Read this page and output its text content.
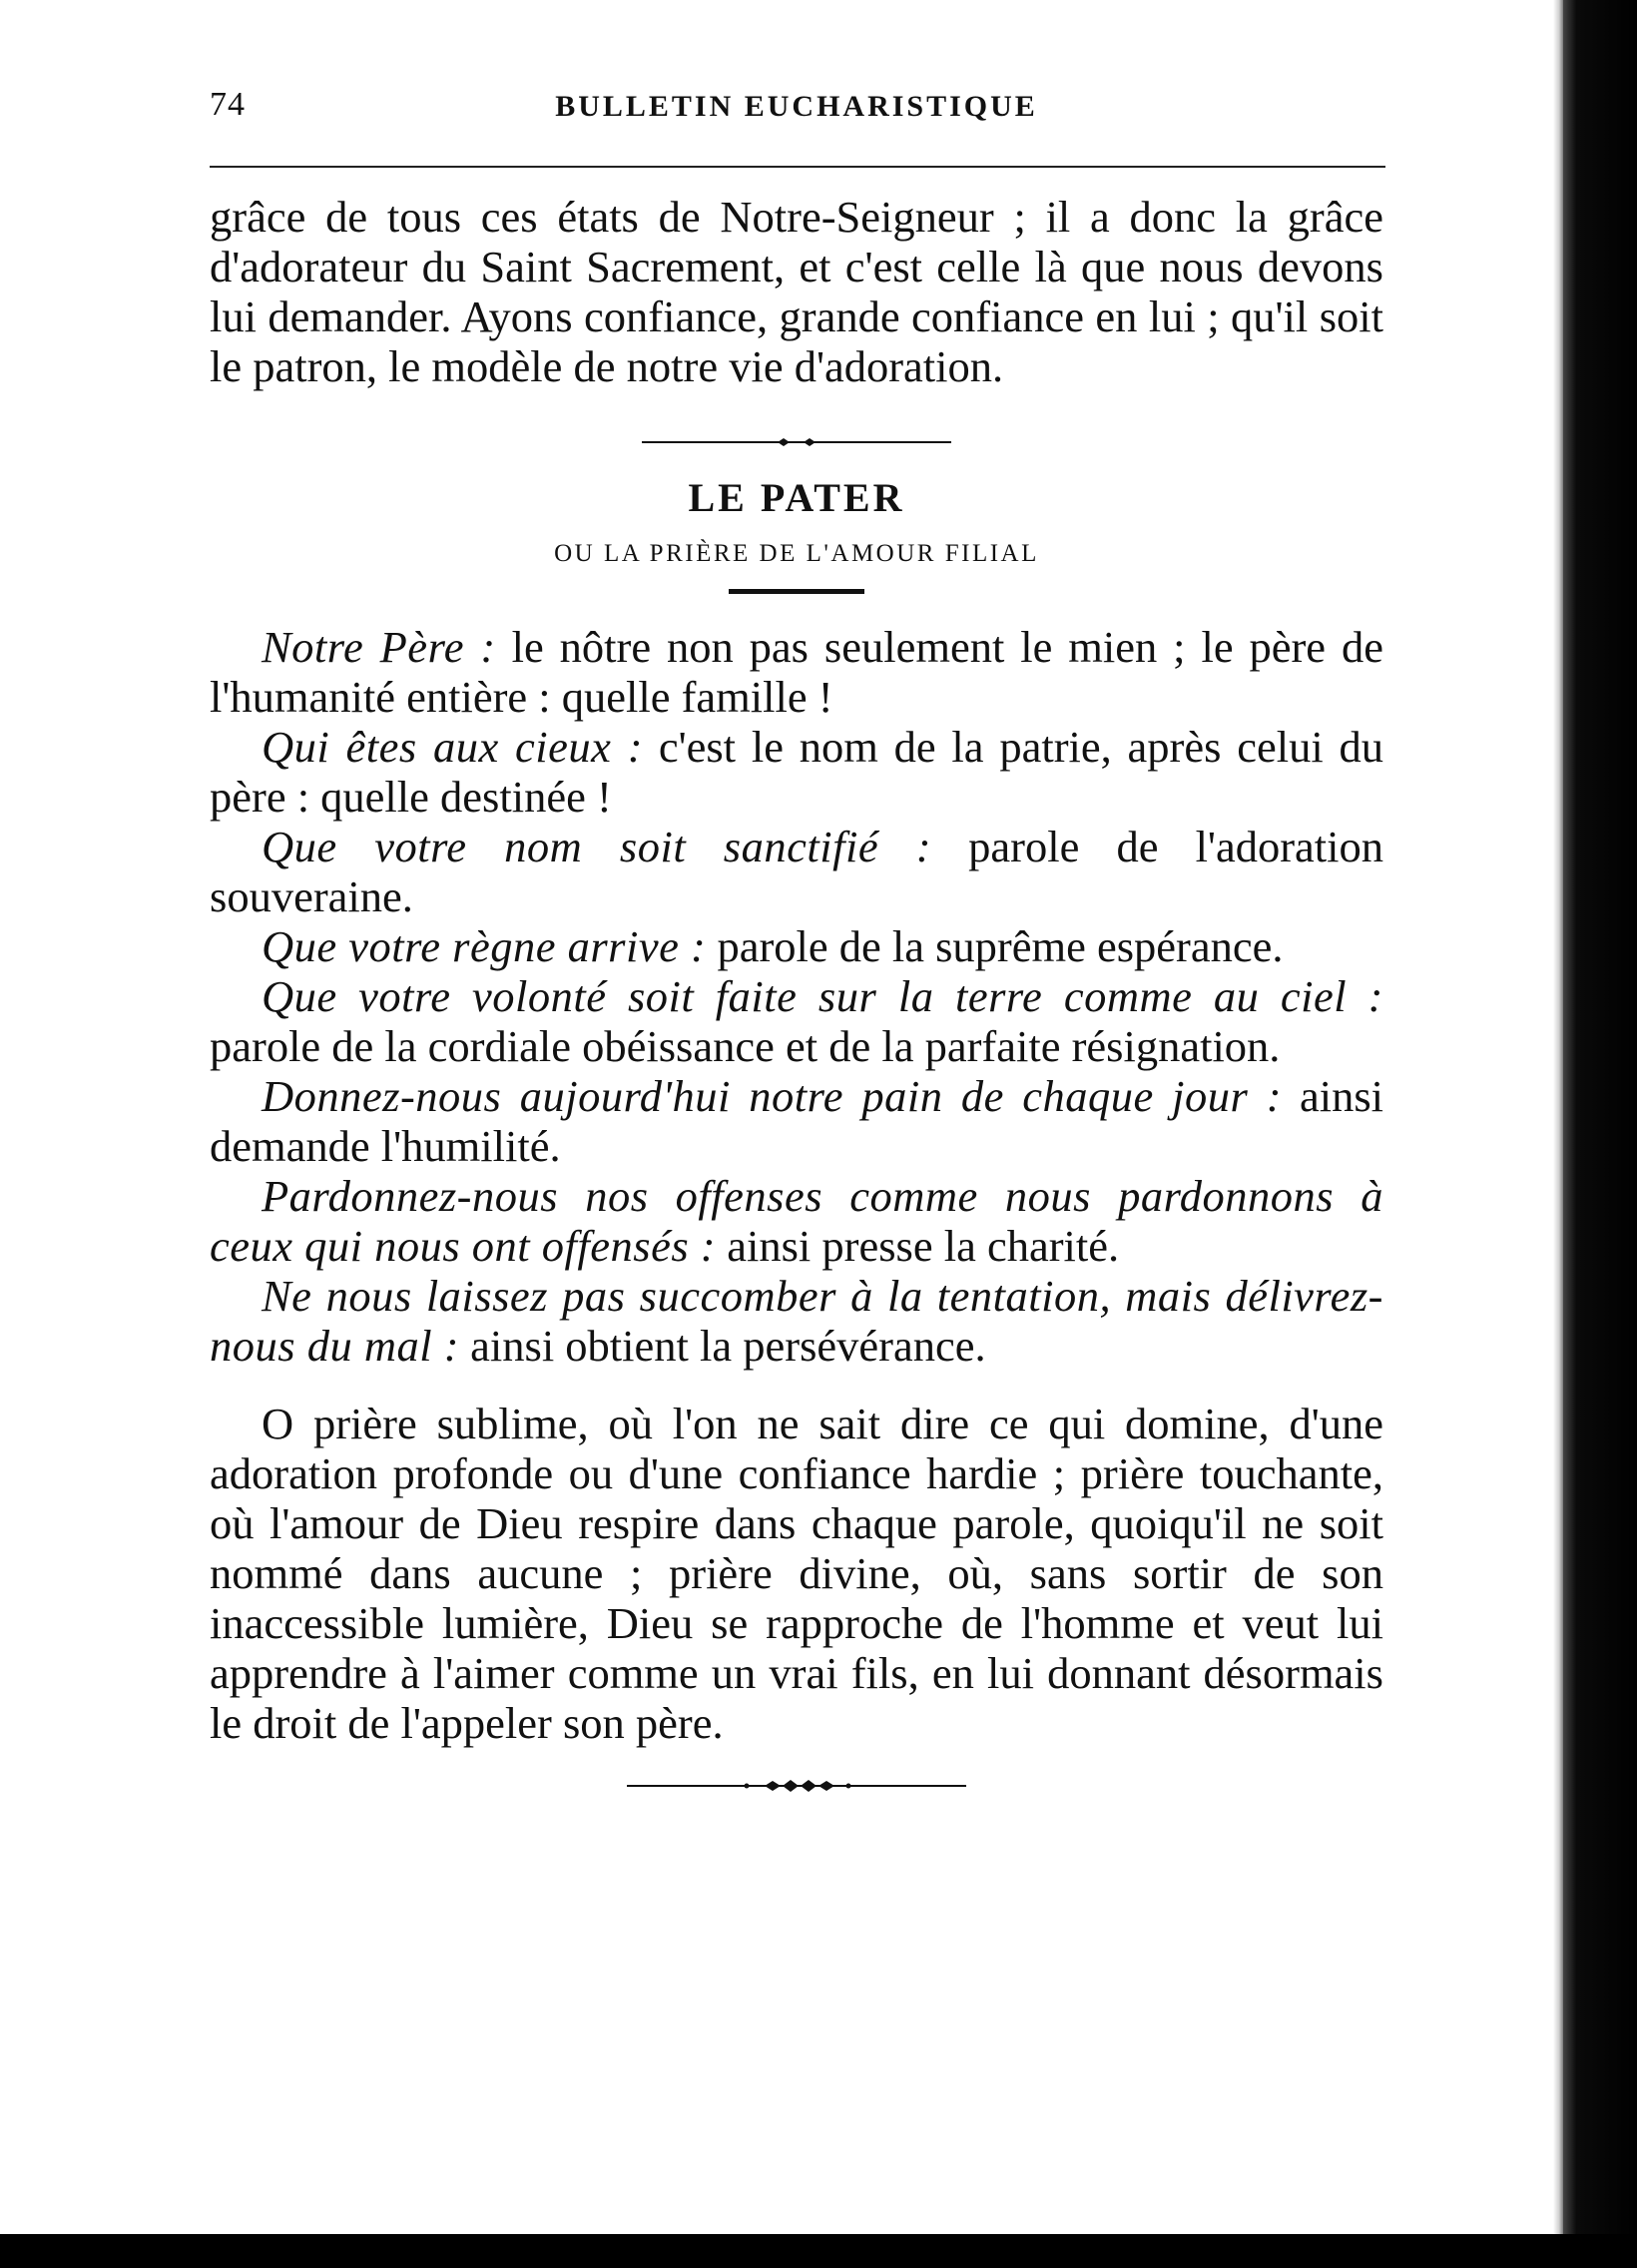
74	BULLETIN EUCHARISTIQUE

grâce de tous ces états de Notre-Seigneur ; il a donc la grâce d'adorateur du Saint Sacrement, et c'est celle là que nous devons lui demander. Ayons confiance, grande confiance en lui ; qu'il soit le patron, le modèle de notre vie d'adoration.

LE PATER
OU LA PRIÈRE DE L'AMOUR FILIAL

Notre Père : le nôtre non pas seulement le mien ; le père de l'humanité entière : quelle famille !

Qui êtes aux cieux : c'est le nom de la patrie, après celui du père : quelle destinée !

Que votre nom soit sanctifié : parole de l'adoration souveraine.

Que votre règne arrive : parole de la suprême espérance.

Que votre volonté soit faite sur la terre comme au ciel : parole de la cordiale obéissance et de la parfaite résignation.

Donnez-nous aujourd'hui notre pain de chaque jour : ainsi demande l'humilité.

Pardonnez-nous nos offenses comme nous pardonnons à ceux qui nous ont offensés : ainsi presse la charité.

Ne nous laissez pas succomber à la tentation, mais délivrez-nous du mal : ainsi obtient la persévérance.

O prière sublime, où l'on ne sait dire ce qui domine, d'une adoration profonde ou d'une confiance hardie ; prière touchante, où l'amour de Dieu respire dans chaque parole, quoiqu'il ne soit nommé dans aucune ; prière divine, où, sans sortir de son inaccessible lumière, Dieu se rapproche de l'homme et veut lui apprendre à l'aimer comme un vrai fils, en lui donnant désormais le droit de l'appeler son père.
